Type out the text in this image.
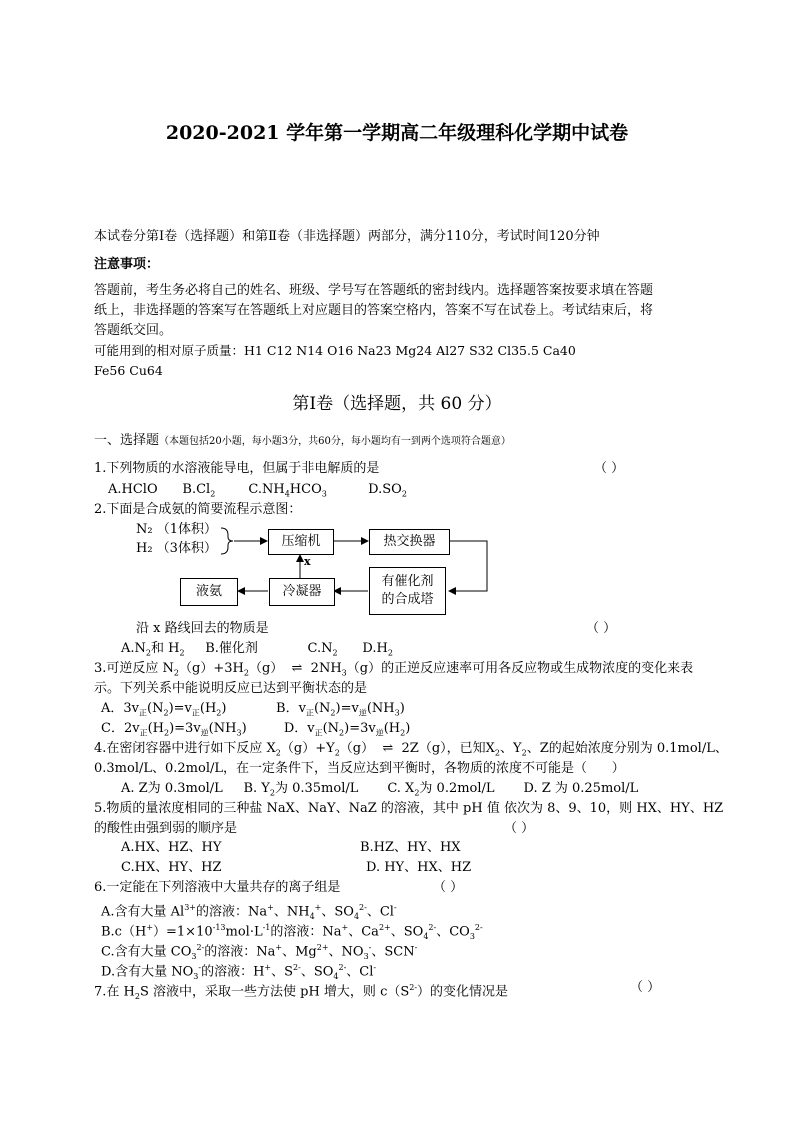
2020-2021 学年第一学期高二年级理科化学期中试卷
本试卷分第Ⅰ卷（选择题）和第Ⅱ卷（非选择题）两部分，满分110分，考试时间120分钟
注意事项：
答题前，考生务必将自己的姓名、班级、学号写在答题纸的密封线内。选择题答案按要求填在答题
纸上，非选择题的答案写在答题纸上对应题目的答案空格内，答案不写在试卷上。考试结束后，将
答题纸交回。
可能用到的相对原子质量：H1 C12 N14 O16 Na23 Mg24 Al27 S32 Cl35.5 Ca40
Fe56 Cu64
第Ⅰ卷（选择题，共 60 分）
一、选择题（本题包括20小题，每小题3分，共60分，每小题均有一到两个选项符合题意）
1.下列物质的水溶液能导电，但属于非电解质的是	（ ）
A.HClO      $B.Cl_2$        $C.NH_4HCO_3$          $D.SO_2$
2.下面是合成氨的简要流程示意图：
N₂ （1体积）
H₂ （3体积）	压缩机	热交换器
有催化剂
的合成塔
冷凝器
液氨
x
沿 x 路线回去的物质是	（ ）
$A.N_2$和 $H_2$     B.催化剂            $C.N_2$      $D.H_2$
3.可逆反应 $N_2(g)+3H_2(g)$  ⇌  $2NH_3(g)$的正逆反应速率可用各反应物或生成物浓度的变化来表
示。下列关系中能说明反应已达到平衡状态的是
A．$3v_正(N_2)=v_正(H_2)$            B．$v_正(N_2)=v_逆(NH_3)$
C．$2v_正(H_2)=3v_逆(NH_3)$         D．$v_正(N_2)=3v_逆(H_2)$
4.在密闭容器中进行如下反应 $X_2(g)+Y_2(g)$  ⇌  2Z（g），已知$X_2$、$Y_2$、Z的起始浓度分别为 0.1mol/L、
0.3mol/L、0.2mol/L，在一定条件下，当反应达到平衡时，各物质的浓度不可能是（      ）
A. Z为 0.3mol/L     B. $Y_2$为 0.35mol/L       C. $X_2$为 0.2mol/L       D. Z 为 0.25mol/L
5.物质的量浓度相同的三种盐 NaX、NaY、NaZ 的溶液，其中 pH 值 依次为 8、9、10，则 HX、HY、HZ
的酸性由强到弱的顺序是	（ ）
A.HX、HZ、HY	B.HZ、HY、HX
C.HX、HY、HZ	D. HY、HX、HZ
6.一定能在下列溶液中大量共存的离子组是	（ ）
A.含有大量 $Al^{3+}$的溶液：Na+、$NH_4^+$、$SO_4^{2-}$、Cl-
$B.c(H^+)=1\times 10^{-13}mol\cdot L^{-1}$的溶液：Na+、$Ca^{2+}$、$SO_4^{2-}$、$CO_3^{2-}$
C.含有大量 $CO_3^{2-}$的溶液：Na+、$Mg^{2+}$、$NO_3^-$、SCN-
D.含有大量 $NO_3^-$的溶液：H+、$S^{2-}$、$SO_4^{2-}$、Cl-
7.在 $H_2S$ 溶液中，采取一些方法使 pH 增大，则 $c(S^{2-})$的变化情况是	（ ）
